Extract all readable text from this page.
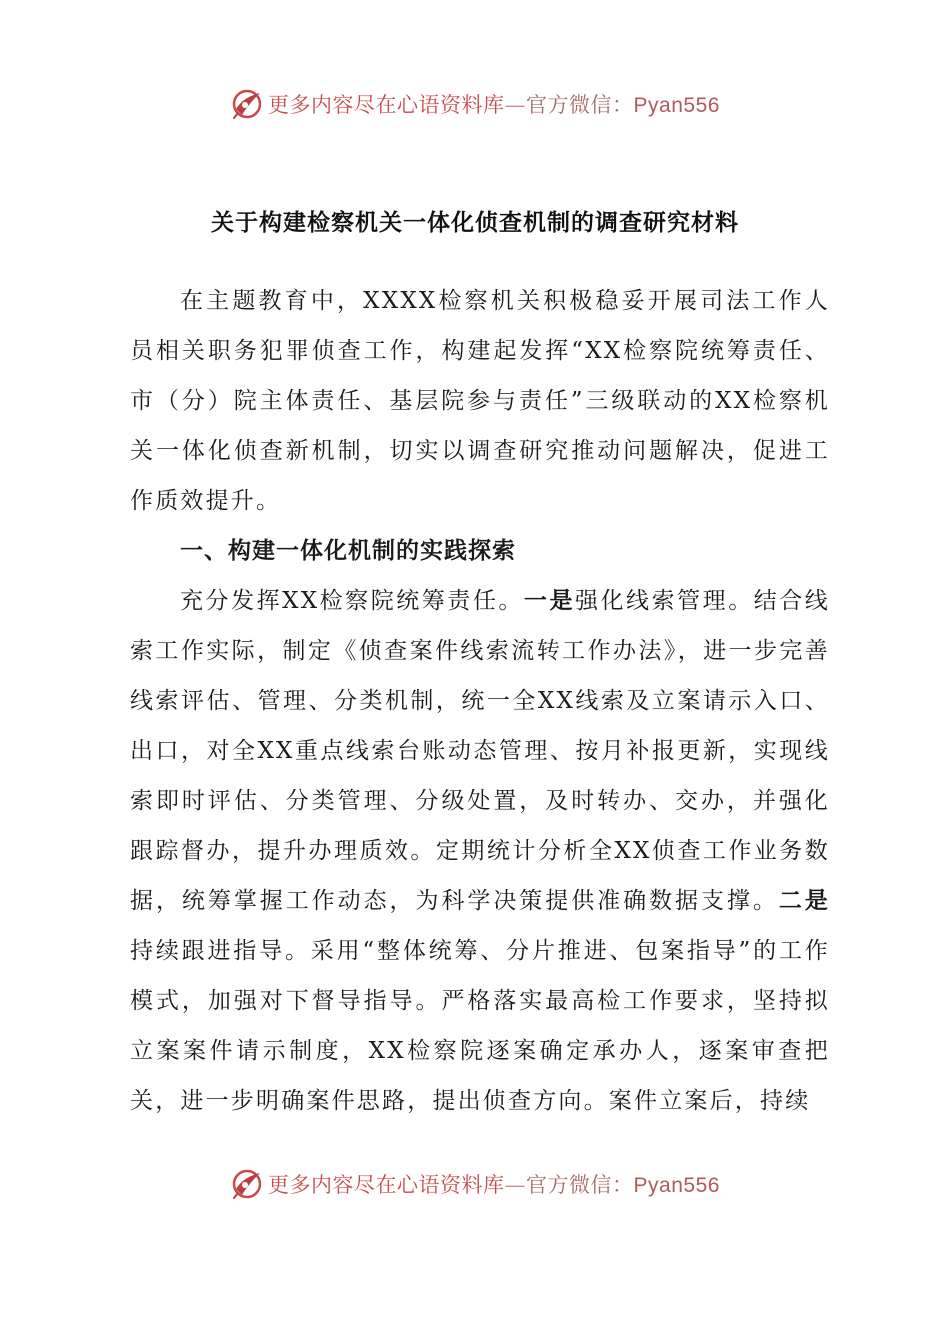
更多内容尽在心语资料库—官方微信：Pyan556
关于构建检察机关一体化侦查机制的调查研究材料

在主题教育中，XXXX检察机关积极稳妥开展司法工作人员相关职务犯罪侦查工作，构建起发挥“XX检察院统筹责任、市（分）院主体责任、基层院参与责任”三级联动的XX检察机关一体化侦查新机制，切实以调查研究推动问题解决，促进工作质效提升。

一、构建一体化机制的实践探索

充分发挥XX检察院统筹责任。一是强化线索管理。结合线索工作实际，制定《侦查案件线索流转工作办法》，进一步完善线索评估、管理、分类机制，统一全XX线索及立案请示入口、出口，对全XX重点线索台账动态管理、按月补报更新，实现线索即时评估、分类管理、分级处置，及时转办、交办，并强化跟踪督办，提升办理质效。定期统计分析全XX侦查工作业务数据，统筹掌握工作动态，为科学决策提供准确数据支撑。二是持续跟进指导。采用“整体统筹、分片推进、包案指导”的工作模式，加强对下督导指导。严格落实最高检工作要求，坚持拟立案案件请示制度，XX检察院逐案确定承办人，逐案审查把关，进一步明确案件思路，提出侦查方向。案件立案后，持续

更多内容尽在心语资料库—官方微信：Pyan556
